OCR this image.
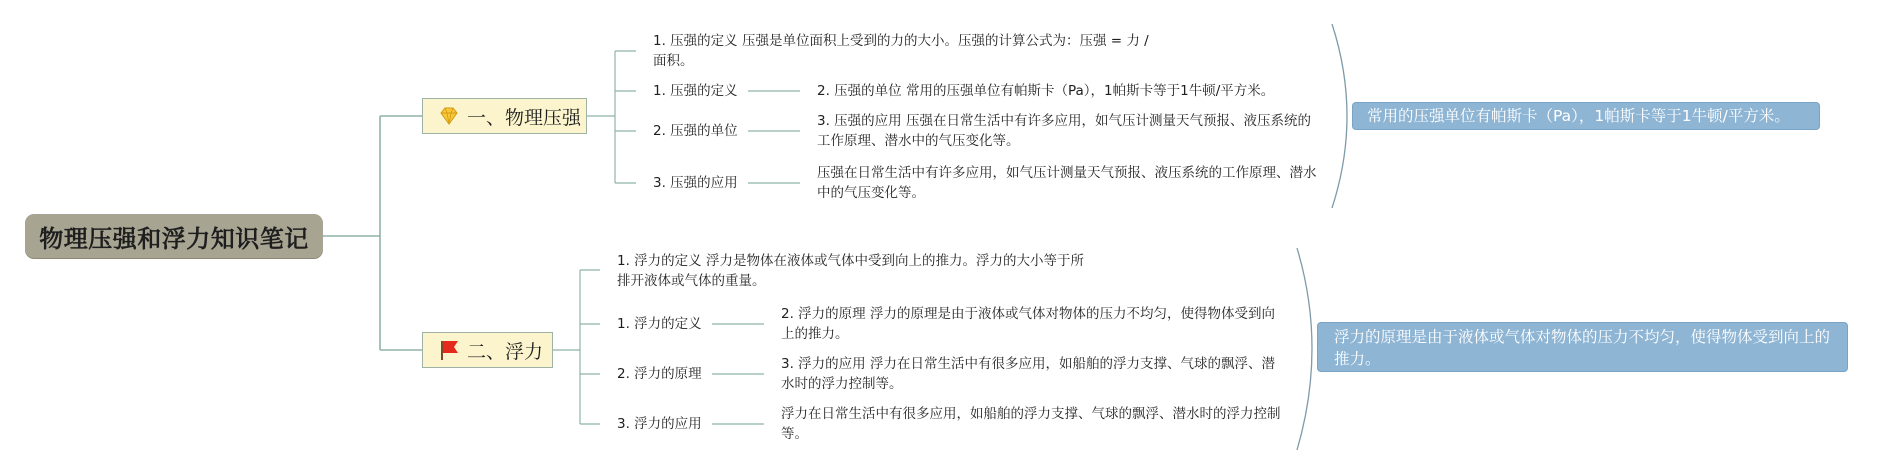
物理压强和浮力知识笔记
一、物理压强
1. 压强的定义 压强是单位面积上受到的力的大小。压强的计算公式为：压强 = 力 / 面积。
1. 压强的定义
2. 压强的单位
3. 压强的应用
2. 压强的单位 常用的压强单位有帕斯卡（Pa），1帕斯卡等于1牛顿/平方米。
3. 压强的应用 压强在日常生活中有许多应用，如气压计测量天气预报、液压系统的工作原理、潜水中的气压变化等。
压强在日常生活中有许多应用，如气压计测量天气预报、液压系统的工作原理、潜水中的气压变化等。
常用的压强单位有帕斯卡（Pa），1帕斯卡等于1牛顿/平方米。
二、浮力
1. 浮力的定义 浮力是物体在液体或气体中受到向上的推力。浮力的大小等于所排开液体或气体的重量。
1. 浮力的定义
2. 浮力的原理
3. 浮力的应用
2. 浮力的原理 浮力的原理是由于液体或气体对物体的压力不均匀，使得物体受到向上的推力。
3. 浮力的应用 浮力在日常生活中有很多应用，如船舶的浮力支撑、气球的飘浮、潜水时的浮力控制等。
浮力在日常生活中有很多应用，如船舶的浮力支撑、气球的飘浮、潜水时的浮力控制等。
浮力的原理是由于液体或气体对物体的压力不均匀，使得物体受到向上的推力。
